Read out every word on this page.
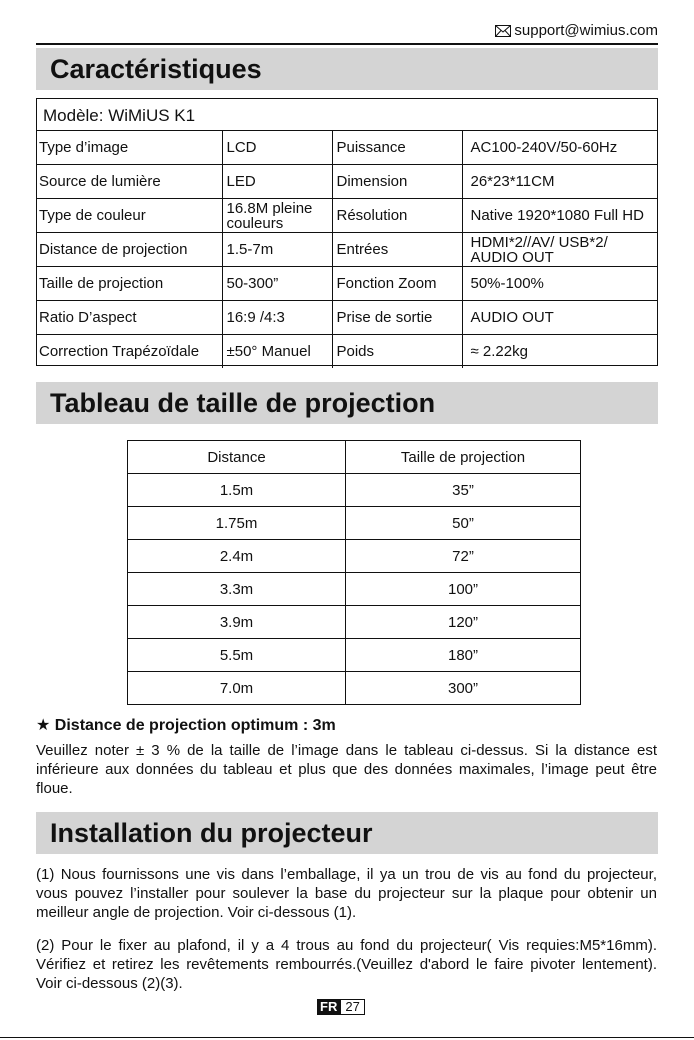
support@wimius.com
Caractéristiques
Modèle: WiMiUS K1
Type d’image	LCD	Puissance	AC100-240V/50-60Hz
Source de lumière	LED	Dimension	26*23*11CM
Type de couleur	16.8M pleine couleurs	Résolution	Native 1920*1080 Full HD
Distance de projection	1.5-7m	Entrées	HDMI*2//AV/ USB*2/ AUDIO OUT
Taille de projection	50-300”	Fonction Zoom	50%-100%
Ratio D’aspect	16:9 /4:3	Prise de sortie	AUDIO OUT
Correction Trapézoïdale	±50° Manuel	Poids	≈ 2.22kg
Tableau de taille de projection
Distance	Taille de projection
1.5m	35”
1.75m	50”
2.4m	72”
3.3m	100”
3.9m	120”
5.5m	180”
7.0m	300”
★ Distance de projection optimum : 3m

Veuillez noter ± 3 % de la taille de l’image dans le tableau ci-dessus. Si la distance est inférieure aux données du tableau et plus que des données maximales, l’image peut être floue.

Installation du projecteur

(1) Nous fournissons une vis dans l’emballage, il ya un trou de vis au fond du projecteur, vous pouvez l’installer pour soulever la base du projecteur sur la plaque pour obtenir un meilleur angle de projection. Voir ci-dessous (1).

(2) Pour le fixer au plafond, il y a 4 trous au fond du projecteur( Vis requies:M5*16mm). Vérifiez et retirez les revêtements rembourrés.(Veuillez d'abord le faire pivoter lentement). Voir ci-dessous (2)(3).

FR 27
